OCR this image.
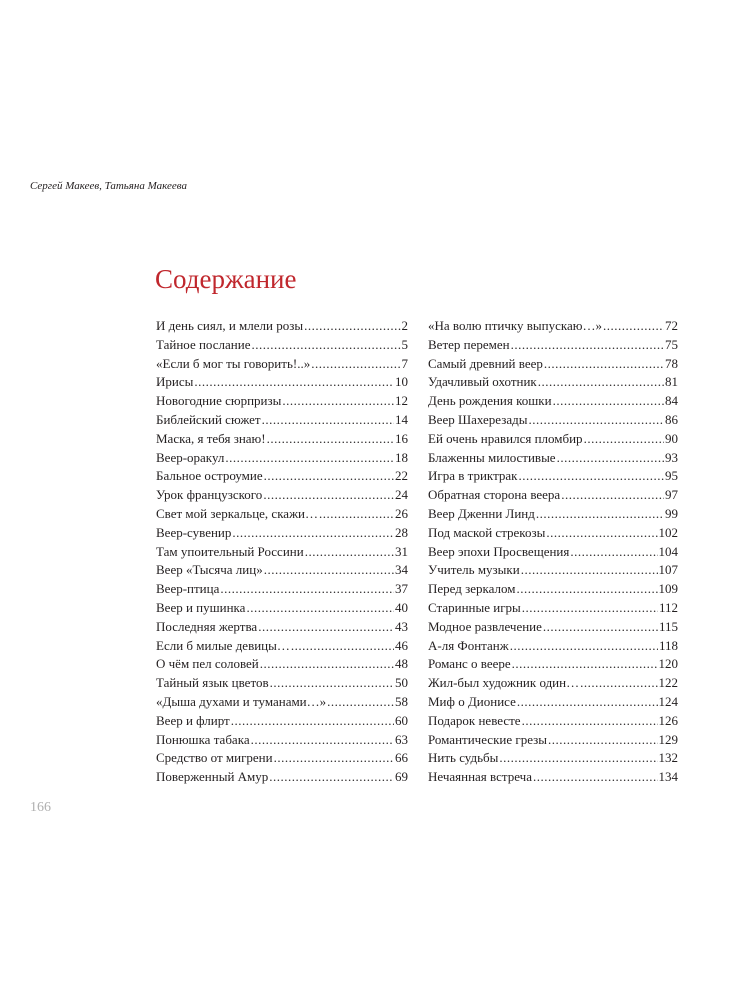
Сергей Макеев, Татьяна Макеева
Содержание
И день сиял, и млели розы .....	2
Тайное послание .....	5
«Если б мог ты говорить!..» .....	7
Ирисы .....	10
Новогодние сюрпризы .....	12
Библейский сюжет .....	14
Маска, я тебя знаю! .....	16
Веер-оракул .....	18
Бальное остроумие .....	22
Урок французского .....	24
Свет мой зеркальце, скажи… .....	26
Веер-сувенир .....	28
Там упоительный Россини .....	31
Веер «Тысяча лиц» .....	34
Веер-птица .....	37
Веер и пушинка .....	40
Последняя жертва .....	43
Если б милые девицы… .....	46
О чём пел соловей .....	48
Тайный язык цветов .....	50
«Дыша духами и туманами…» .....	58
Веер и флирт .....	60
Понюшка табака .....	63
Средство от мигрени .....	66
Поверженный Амур .....	69
«На волю птичку выпускаю…» .....	72
Ветер перемен .....	75
Самый древний веер .....	78
Удачливый охотник .....	81
День рождения кошки .....	84
Веер Шахерезады .....	86
Ей очень нравился пломбир .....	90
Блаженны милостивые .....	93
Игра в триктрак .....	95
Обратная сторона веера .....	97
Веер Дженни Линд .....	99
Под маской стрекозы .....	102
Веер эпохи Просвещения .....	104
Учитель музыки .....	107
Перед зеркалом .....	109
Старинные игры .....	112
Модное развлечение .....	115
А-ля Фонтанж .....	118
Романс о веере .....	120
Жил-был художник один… .....	122
Миф о Дионисе .....	124
Подарок невесте .....	126
Романтические грезы .....	129
Нить судьбы .....	132
Нечаянная встреча .....	134
166
